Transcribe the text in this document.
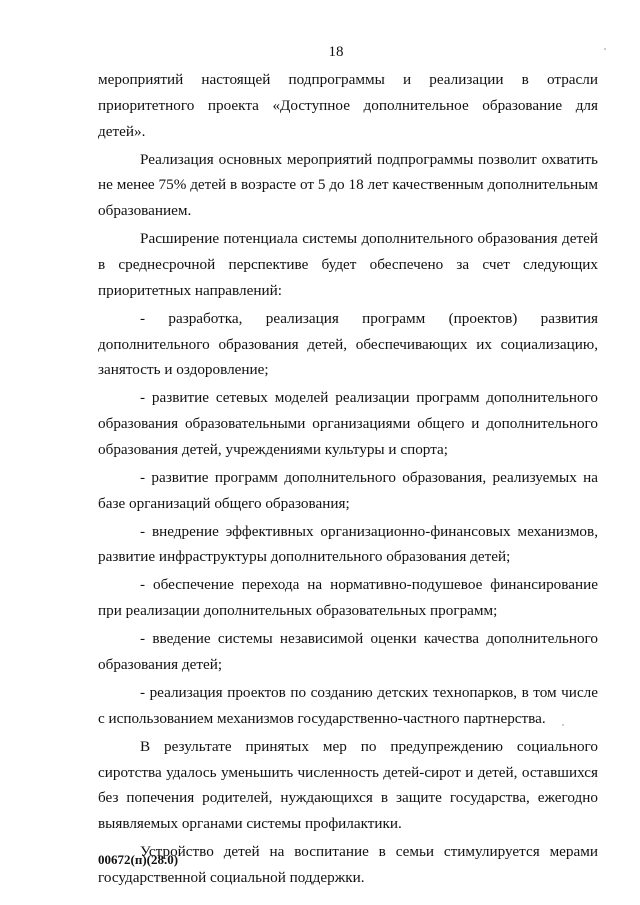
18

мероприятий настоящей подпрограммы и реализации в отрасли приоритетного проекта «Доступное дополнительное образование для детей».

Реализация основных мероприятий подпрограммы позволит охватить не менее 75% детей в возрасте от 5 до 18 лет качественным дополнительным образованием.

Расширение потенциала системы дополнительного образования детей в среднесрочной перспективе будет обеспечено за счет следующих приоритетных направлений:

- разработка, реализация программ (проектов) развития дополнительного образования детей, обеспечивающих их социализацию, занятость и оздоровление;

- развитие сетевых моделей реализации программ дополнительного образования образовательными организациями общего и дополнительного образования детей, учреждениями культуры и спорта;

- развитие программ дополнительного образования, реализуемых на базе организаций общего образования;

- внедрение эффективных организационно-финансовых механизмов, развитие инфраструктуры дополнительного образования детей;

- обеспечение перехода на нормативно-подушевое финансирование при реализации дополнительных образовательных программ;

- введение системы независимой оценки качества дополнительного образования детей;

- реализация проектов по созданию детских технопарков, в том числе с использованием механизмов государственно-частного партнерства.

В результате принятых мер по предупреждению социального сиротства удалось уменьшить численность детей-сирот и детей, оставшихся без попечения родителей, нуждающихся в защите государства, ежегодно выявляемых органами системы профилактики.

Устройство детей на воспитание в семьи стимулируется мерами государственной социальной поддержки.

00672(п)(28.0)
